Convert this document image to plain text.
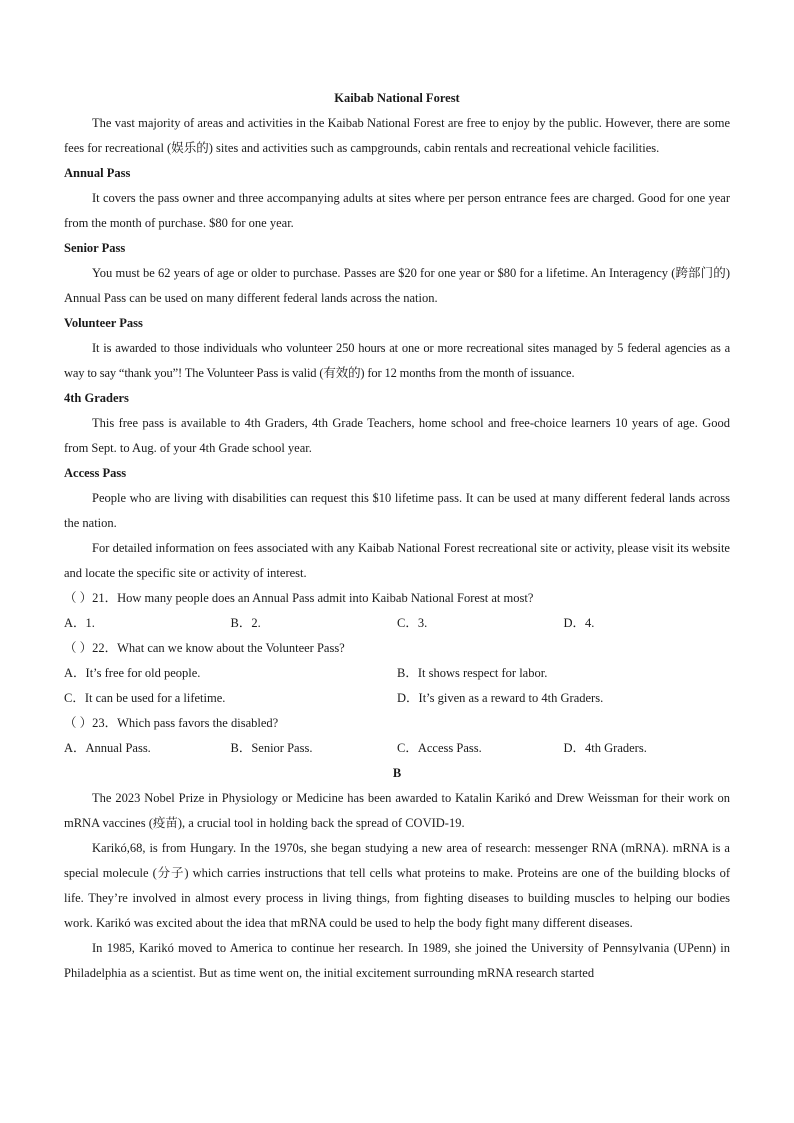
Kaibab National Forest

The vast majority of areas and activities in the Kaibab National Forest are free to enjoy by the public. However, there are some fees for recreational (娱乐的) sites and activities such as campgrounds, cabin rentals and recreational vehicle facilities.

Annual Pass

It covers the pass owner and three accompanying adults at sites where per person entrance fees are charged. Good for one year from the month of purchase. $80 for one year.

Senior Pass

You must be 62 years of age or older to purchase. Passes are $20 for one year or $80 for a lifetime. An Interagency (跨部门的) Annual Pass can be used on many different federal lands across the nation.

Volunteer Pass

It is awarded to those individuals who volunteer 250 hours at one or more recreational sites managed by 5 federal agencies as a way to say “thank you”! The Volunteer Pass is valid (有效的) for 12 months from the month of issuance.

4th Graders

This free pass is available to 4th Graders, 4th Grade Teachers, home school and free-choice learners 10 years of age. Good from Sept. to Aug. of your 4th Grade school year.

Access Pass

People who are living with disabilities can request this $10 lifetime pass. It can be used at many different federal lands across the nation.

For detailed information on fees associated with any Kaibab National Forest recreational site or activity, please visit its website and locate the specific site or activity of interest.

（ ）21．How many people does an Annual Pass admit into Kaibab National Forest at most?

A．1.	B．2.	C．3.	D．4.

（ ）22．What can we know about the Volunteer Pass?

A．It’s free for old people.	B．It shows respect for labor.
C．It can be used for a lifetime.	D．It’s given as a reward to 4th Graders.

（ ）23．Which pass favors the disabled?

A．Annual Pass.	B．Senior Pass.	C．Access Pass.	D．4th Graders.

B

The 2023 Nobel Prize in Physiology or Medicine has been awarded to Katalin Karikó and Drew Weissman for their work on mRNA vaccines (疫苗), a crucial tool in holding back the spread of COVID-19.

Karikó,68, is from Hungary. In the 1970s, she began studying a new area of research: messenger RNA (mRNA). mRNA is a special molecule (分子) which carries instructions that tell cells what proteins to make. Proteins are one of the building blocks of life. They’re involved in almost every process in living things, from fighting diseases to building muscles to helping our bodies work. Karikó was excited about the idea that mRNA could be used to help the body fight many different diseases.

In 1985, Karikó moved to America to continue her research. In 1989, she joined the University of Pennsylvania (UPenn) in Philadelphia as a scientist. But as time went on, the initial excitement surrounding mRNA research started
